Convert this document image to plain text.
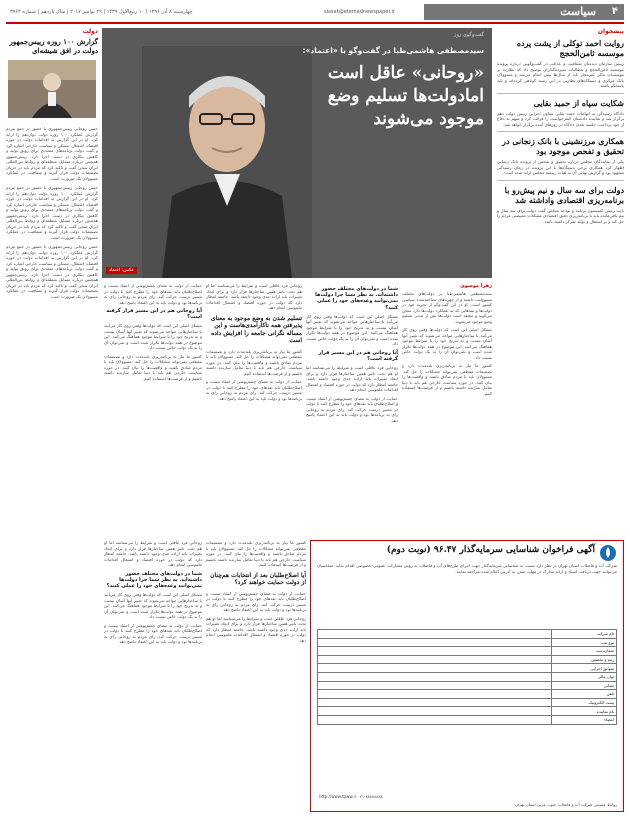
چهارشنبه ۸ آذر ۱۳۹۶ | ۱۰ ربیع‌الاول ۱۴۳۹ | ۲۹ نوامبر ۲۰۱۷ | سال یازدهم | شماره ۳۹۶۴	siasat@etemadnewspaper.ir	سیاست ۴
پیشخوان
روایت احمد توکلی از پشت پرده موسسه ثامن‌الحجج
رییس سازمان دیده‌بان شفافیت و عدالت در گفت‌وگویی درباره پرونده موسسه ثامن‌الحجج و مطالبات سپرده‌گذاران توضیح داد که نظارت بر موسسات مالی غیرمجاز باید از سال‌ها پیش انجام می‌شد و مسوولان بانک مرکزی و دستگاه‌های نظارتی در این زمینه کوتاهی کرده‌اند و باید پاسخگو باشند.
شکایت سپاه از حمید بقایی
دادگاه رسیدگی به اتهامات حمید بقایی معاون اجرایی رییس دولت دهم برگزار شد و نماینده دادستان کیفرخواست را قرائت کرد و متهم به دفاع از خود پرداخت. جلسه بعدی دادگاه در روزهای آینده برگزار خواهد شد.
همکاری مرزنشینی با بانک زنجانی در تحقیق و تفحص موجود بود
یکی از نمایندگان مجلس درباره تحقیق و تفحص از پرونده بابک زنجانی اظهار کرد همکاری برخی دستگاه‌ها با این پرونده در زمان رسیدگی مشهود بود و گزارش نهایی آن به هیات رییسه مجلس ارایه شده است.
دولت برای سه سال و نیم پیش‌رو با برنامه‌ریزی اقتصادی واداشته شد
نایب رییس کمیسیون برنامه و بودجه مجلس گفت دولت برای سه سال و نیم باقی‌مانده باید با برنامه‌ریزی دقیق اقتصادی مشکلات معیشتی مردم را حل کند و بر اشتغال و تولید تمرکز داشته باشد.
دولت
گزارش ۱۰۰ روزه رییس‌جمهور دولت در افق شیشه‌ای
حسن روحانی رییس‌جمهوری با حضور در جمع مردم گزارش عملکرد ۱۰۰ روزه دولت دوازدهم را ارایه کرد. او در این گزارش به اقدامات دولت در حوزه اقتصاد، اشتغال، مسکن و سیاست خارجی اشاره کرد و گفت دولت برنامه‌های متعددی برای رونق تولید و کاهش بیکاری در دست اجرا دارد. رییس‌جمهور همچنین درباره مسایل منطقه‌ای و روابط بین‌المللی ایران سخن گفت و تاکید کرد که مردم باید در جریان تصمیمات دولت قرار گیرند و شفافیت در عملکرد مسوولان یک ضرورت است.
حسن روحانی رییس‌جمهوری با حضور در جمع مردم گزارش عملکرد ۱۰۰ روزه دولت دوازدهم را ارایه کرد. او در این گزارش به اقدامات دولت در حوزه اقتصاد، اشتغال، مسکن و سیاست خارجی اشاره کرد و گفت دولت برنامه‌های متعددی برای رونق تولید و کاهش بیکاری در دست اجرا دارد. رییس‌جمهور همچنین درباره مسایل منطقه‌ای و روابط بین‌المللی ایران سخن گفت و تاکید کرد که مردم باید در جریان تصمیمات دولت قرار گیرند و شفافیت در عملکرد مسوولان یک ضرورت است.
حسن روحانی رییس‌جمهوری با حضور در جمع مردم گزارش عملکرد ۱۰۰ روزه دولت دوازدهم را ارایه کرد. او در این گزارش به اقدامات دولت در حوزه اقتصاد، اشتغال، مسکن و سیاست خارجی اشاره کرد و گفت دولت برنامه‌های متعددی برای رونق تولید و کاهش بیکاری در دست اجرا دارد. رییس‌جمهور همچنین درباره مسایل منطقه‌ای و روابط بین‌المللی ایران سخن گفت و تاکید کرد که مردم باید در جریان تصمیمات دولت قرار گیرند و شفافیت در عملکرد مسوولان یک ضرورت است.
گفت‌وگوی روز
سیدمصطفی هاشمی‌طبا در گفت‌وگو با «اعتماد»:
«روحانی» عاقل است امادولت‌ها تسلیم وضع موجود می‌شوند
عکس: اعتماد
زهرا موسوی
سیدمصطفی هاشمی‌طبا در دولت‌های مختلف مسوولیت داشته و از چهره‌های شناخته‌شده سیاسی کشور است. او در این گفت‌وگو از تجربه خود در دولت‌ها و نقدهایی که به عملکرد دولت‌ها دارد سخن می‌گوید و معتقد است دولت‌ها پس از مدتی تسلیم وضع موجود می‌شوند.
مشکل اصلی این است که دولت‌ها وقتی روی کار می‌آیند با ساختارهایی مواجه می‌شوند که تغییر آنها آسان نیست و به تدریج خود را با شرایط موجود هماهنگ می‌کنند. این موضوع در همه دولت‌ها تکرار شده است و نمی‌توان آن را به یک دولت خاص نسبت داد.
کشور ما نیاز به برنامه‌ریزی بلندمدت دارد و تصمیمات مقطعی نمی‌تواند مشکلات را حل کند. مسوولان باید با مردم صادق باشند و واقعیت‌ها را بیان کنند. در حوزه سیاست خارجی هم باید با دنیا تعامل سازنده داشته باشیم و از فرصت‌ها استفاده کنیم.
شما در دولت‌های مختلف حضور داشته‌اید. به نظر شما چرا دولت‌ها نمی‌توانند وعده‌های خود را عملی کنند؟
مشکل اصلی این است که دولت‌ها وقتی روی کار می‌آیند با ساختارهایی مواجه می‌شوند که تغییر آنها آسان نیست و به تدریج خود را با شرایط موجود هماهنگ می‌کنند. این موضوع در همه دولت‌ها تکرار شده است و نمی‌توان آن را به یک دولت خاص نسبت داد.
آیا روحانی هم در این مسیر قرار گرفته است؟
روحانی فرد عاقلی است و شرایط را می‌شناسد اما او هم تحت تاثیر همین ساختارها قرار دارد و برای ایجاد تغییرات باید اراده جدی وجود داشته باشد. جامعه انتظار دارد که دولت در حوزه اقتصاد و اشتغال اقدامات ملموسی انجام دهد.
حمایت از دولت به معنای چشم‌پوشی از انتقاد نیست و اصلاح‌طلبان باید نقدهای خود را مطرح کنند تا دولت در مسیر درست حرکت کند. رای مردم به روحانی رای به برنامه‌ها بود و دولت باید به این اعتماد پاسخ دهد.
روحانی فرد عاقلی است و شرایط را می‌شناسد اما او هم تحت تاثیر همین ساختارها قرار دارد و برای ایجاد تغییرات باید اراده جدی وجود داشته باشد. جامعه انتظار دارد که دولت در حوزه اقتصاد و اشتغال اقدامات ملموسی انجام دهد.
تسلیم شدن به وضع موجود به معنای پذیرفتن همه ناکارآمدی‌هاست و این مساله نگرانی جامعه را افزایش داده است
کشور ما نیاز به برنامه‌ریزی بلندمدت دارد و تصمیمات مقطعی نمی‌تواند مشکلات را حل کند. مسوولان باید با مردم صادق باشند و واقعیت‌ها را بیان کنند. در حوزه سیاست خارجی هم باید با دنیا تعامل سازنده داشته باشیم و از فرصت‌ها استفاده کنیم.
حمایت از دولت به معنای چشم‌پوشی از انتقاد نیست و اصلاح‌طلبان باید نقدهای خود را مطرح کنند تا دولت در مسیر درست حرکت کند. رای مردم به روحانی رای به برنامه‌ها بود و دولت باید به این اعتماد پاسخ دهد.
حمایت از دولت به معنای چشم‌پوشی از انتقاد نیست و اصلاح‌طلبان باید نقدهای خود را مطرح کنند تا دولت در مسیر درست حرکت کند. رای مردم به روحانی رای به برنامه‌ها بود و دولت باید به این اعتماد پاسخ دهد.
آیا روحانی هم در این مسیر قرار گرفته است؟
مشکل اصلی این است که دولت‌ها وقتی روی کار می‌آیند با ساختارهایی مواجه می‌شوند که تغییر آنها آسان نیست و به تدریج خود را با شرایط موجود هماهنگ می‌کنند. این موضوع در همه دولت‌ها تکرار شده است و نمی‌توان آن را به یک دولت خاص نسبت داد.
کشور ما نیاز به برنامه‌ریزی بلندمدت دارد و تصمیمات مقطعی نمی‌تواند مشکلات را حل کند. مسوولان باید با مردم صادق باشند و واقعیت‌ها را بیان کنند. در حوزه سیاست خارجی هم باید با دنیا تعامل سازنده داشته باشیم و از فرصت‌ها استفاده کنیم.
کشور ما نیاز به برنامه‌ریزی بلندمدت دارد و تصمیمات مقطعی نمی‌تواند مشکلات را حل کند. مسوولان باید با مردم صادق باشند و واقعیت‌ها را بیان کنند. در حوزه سیاست خارجی هم باید با دنیا تعامل سازنده داشته باشیم و از فرصت‌ها استفاده کنیم.
آیا اصلاح‌طلبان بعد از انتخابات هم‌چنان از دولت حمایت خواهند کرد؟
حمایت از دولت به معنای چشم‌پوشی از انتقاد نیست و اصلاح‌طلبان باید نقدهای خود را مطرح کنند تا دولت در مسیر درست حرکت کند. رای مردم به روحانی رای به برنامه‌ها بود و دولت باید به این اعتماد پاسخ دهد.
روحانی فرد عاقلی است و شرایط را می‌شناسد اما او هم تحت تاثیر همین ساختارها قرار دارد و برای ایجاد تغییرات باید اراده جدی وجود داشته باشد. جامعه انتظار دارد که دولت در حوزه اقتصاد و اشتغال اقدامات ملموسی انجام دهد.
روحانی فرد عاقلی است و شرایط را می‌شناسد اما او هم تحت تاثیر همین ساختارها قرار دارد و برای ایجاد تغییرات باید اراده جدی وجود داشته باشد. جامعه انتظار دارد که دولت در حوزه اقتصاد و اشتغال اقدامات ملموسی انجام دهد.
شما در دولت‌های مختلف حضور داشته‌اید. به نظر شما چرا دولت‌ها نمی‌توانند وعده‌های خود را عملی کنند؟
مشکل اصلی این است که دولت‌ها وقتی روی کار می‌آیند با ساختارهایی مواجه می‌شوند که تغییر آنها آسان نیست و به تدریج خود را با شرایط موجود هماهنگ می‌کنند. این موضوع در همه دولت‌ها تکرار شده است و نمی‌توان آن را به یک دولت خاص نسبت داد.
حمایت از دولت به معنای چشم‌پوشی از انتقاد نیست و اصلاح‌طلبان باید نقدهای خود را مطرح کنند تا دولت در مسیر درست حرکت کند. رای مردم به روحانی رای به برنامه‌ها بود و دولت باید به این اعتماد پاسخ دهد.
آگهی فراخوان شناسایی سرمایه‌گذار ۹۶.۴۷ (نوبت دوم)
شرکت آب و فاضلاب استان تهران در نظر دارد نسبت به شناسایی سرمایه‌گذار جهت اجرای طرح‌های آب و فاضلاب به روش مشارکت عمومی-خصوصی اقدام نماید. متقاضیان می‌توانند جهت دریافت اسناد و ارایه مدارک در مهلت مقرر به آدرس اعلام شده مراجعه نمایند.
نام شرکت	
نوع ثبت	
شماره ثبت	
رتبه و تخصص	
سوابق اجرایی	
توان مالی	
نشانی	
تلفن	
پست الکترونیک	
نام نماینده	
امضاء	
http://www.tpww.ir ۰۲۱-۸۸۸۸۸۸۸۸
روابط عمومی شرکت آب و فاضلاب جنوب غربی استان تهران
